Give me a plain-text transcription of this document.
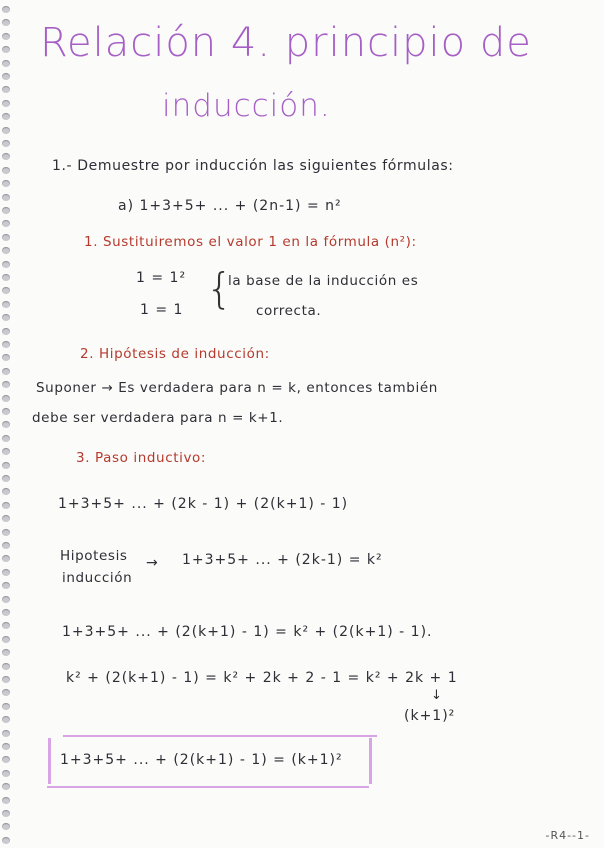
Relación 4. principio de
inducción.
1.- Demuestre por inducción las siguientes fórmulas:
a) 1+3+5+ ... + (2n-1) = n²
1. Sustituiremos el valor 1 en la fórmula (n²):
1 = 1²
1 = 1 {
la base de la inducción es
correcta.
2. Hipótesis de inducción:
Suponer → Es verdadera para n = k, entonces también
debe ser verdadera para n = k+1.
3. Paso inductivo:
1+3+5+ ... + (2k - 1) + (2(k+1) - 1)
Hipotesis
inducción
→ 1+3+5+ ... + (2k-1) = k²
1+3+5+ ... + (2(k+1) - 1) = k² + (2(k+1) - 1).
k² + (2(k+1) - 1) = k² + 2k + 2 - 1 = k² + 2k + 1
↓
(k+1)²
1+3+5+ ... + (2(k+1) - 1) = (k+1)²
-R4--1-
